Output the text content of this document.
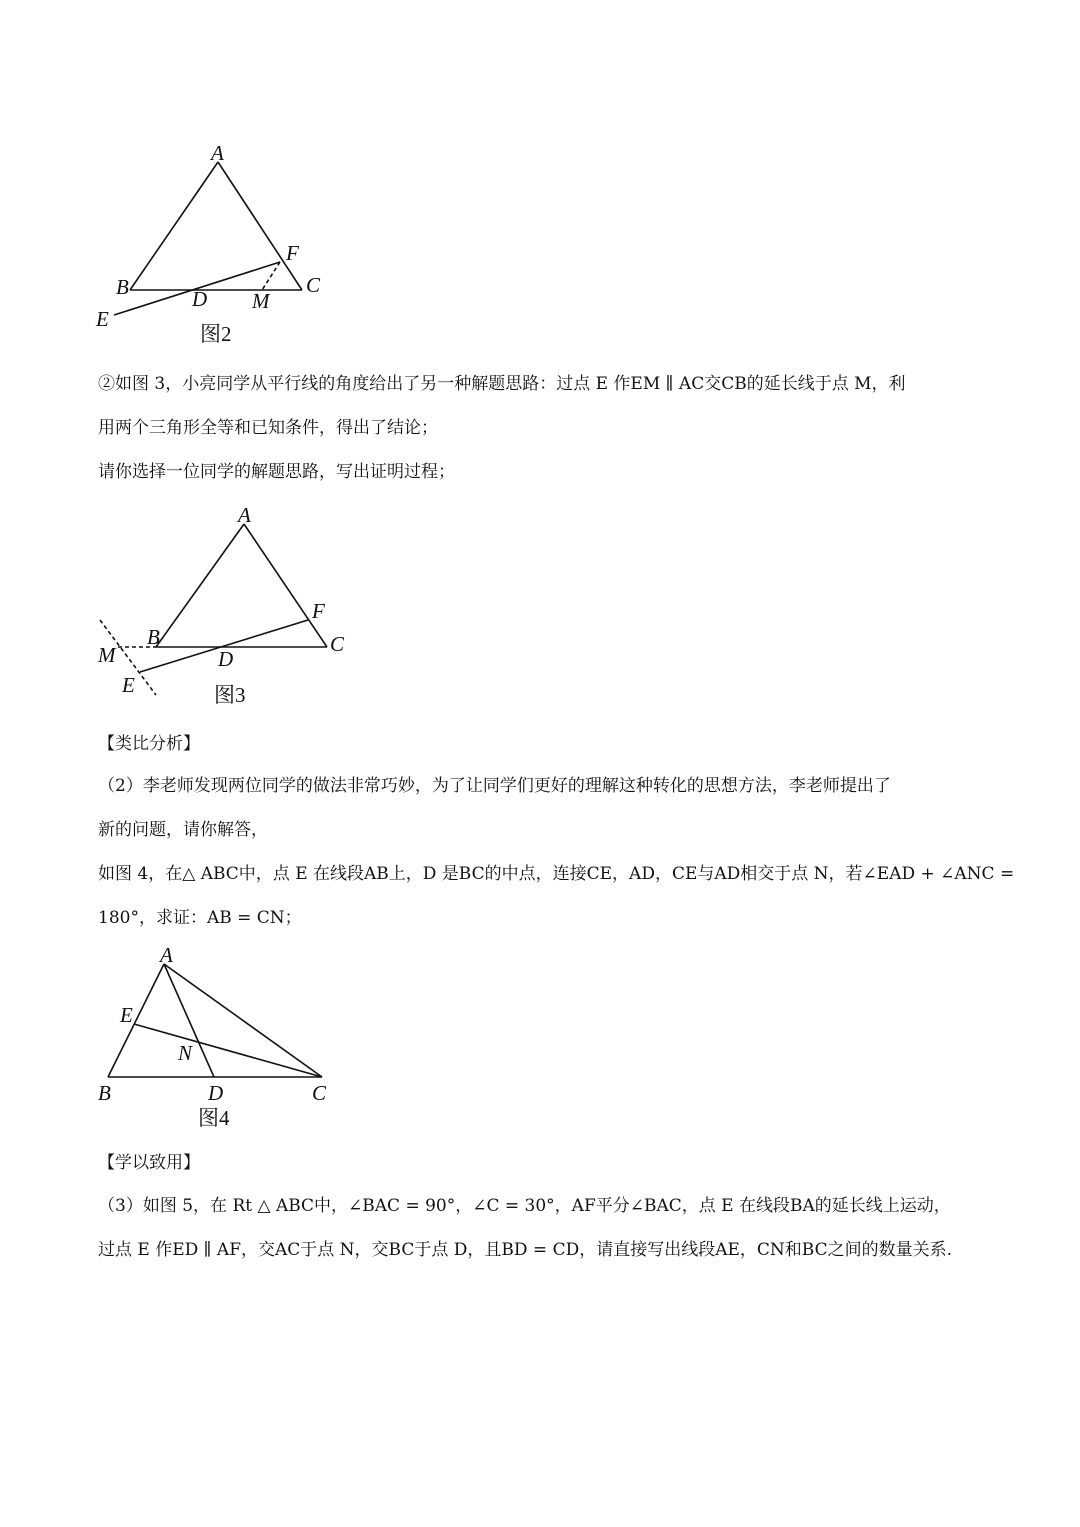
A
B	C
D
E
F
M
图2

②如图 3，小亮同学从平行线的角度给出了另一种解题思路：过点 E 作EM ∥ AC交CB的延长线于点 M，利

用两个三角形全等和已知条件，得出了结论；

请你选择一位同学的解题思路，写出证明过程；

A
B	C
D
E
F
M
图3
【类比分析】

（2）李老师发现两位同学的做法非常巧妙，为了让同学们更好的理解这种转化的思想方法，李老师提出了

新的问题，请你解答，

如图 4，在△ ABC中，点 E 在线段AB上，D 是BC的中点，连接CE，AD，CE与AD相交于点 N，若∠EAD + ∠ANC =

180°，求证：AB = CN；

A
B	C
D
E
N
图4
【学以致用】

（3）如图 5，在 Rt △ ABC中，∠BAC = 90°，∠C = 30°，AF平分∠BAC，点 E 在线段BA的延长线上运动，

过点 E 作ED ∥ AF，交AC于点 N，交BC于点 D，且BD = CD，请直接写出线段AE，CN和BC之间的数量关系.
